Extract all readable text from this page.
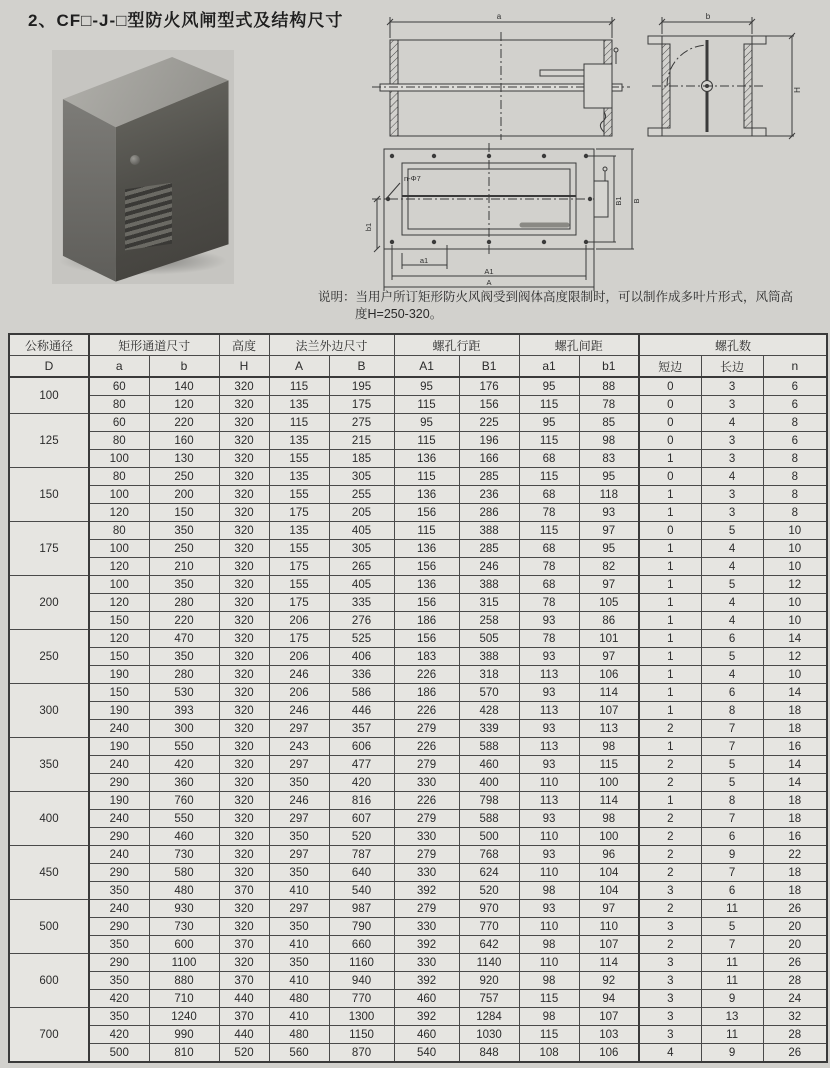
2、CF□-J-□型防火风闸型式及结构尺寸	a	b
H
n-Φ7
b1
a1
A1
A
B1 B
说明：当用户所订矩形防火风阀受到阀体高度限制时，可以制作成多叶片形式，风筒高
度H=250-320。
公称通径	矩形通道尺寸		高度	法兰外边尺寸		螺孔行距		螺孔间距		螺孔数		
D	a	b	H	A	B	A1	B1	a1	b1	短边	长边	n
100	60	140	320	115	195	95	176	95	88	0	3	6
	80	120	320	135	175	115	156	115	78	0	3	6
125	60	220	320	115	275	95	225	95	85	0	4	8
	80	160	320	135	215	115	196	115	98	0	3	6
	100	130	320	155	185	136	166	68	83	1	3	8
150	80	250	320	135	305	115	285	115	95	0	4	8
	100	200	320	155	255	136	236	68	118	1	3	8
	120	150	320	175	205	156	286	78	93	1	3	8
175	80	350	320	135	405	115	388	115	97	0	5	10
	100	250	320	155	305	136	285	68	95	1	4	10
	120	210	320	175	265	156	246	78	82	1	4	10
200	100	350	320	155	405	136	388	68	97	1	5	12
	120	280	320	175	335	156	315	78	105	1	4	10
	150	220	320	206	276	186	258	93	86	1	4	10
250	120	470	320	175	525	156	505	78	101	1	6	14
	150	350	320	206	406	183	388	93	97	1	5	12
	190	280	320	246	336	226	318	113	106	1	4	10
300	150	530	320	206	586	186	570	93	114	1	6	14
	190	393	320	246	446	226	428	113	107	1	8	18
	240	300	320	297	357	279	339	93	113	2	7	18
350	190	550	320	243	606	226	588	113	98	1	7	16
	240	420	320	297	477	279	460	93	115	2	5	14
	290	360	320	350	420	330	400	110	100	2	5	14
400	190	760	320	246	816	226	798	113	114	1	8	18
	240	550	320	297	607	279	588	93	98	2	7	18
	290	460	320	350	520	330	500	110	100	2	6	16
450	240	730	320	297	787	279	768	93	96	2	9	22
	290	580	320	350	640	330	624	110	104	2	7	18
	350	480	370	410	540	392	520	98	104	3	6	18
500	240	930	320	297	987	279	970	93	97	2	11	26
	290	730	320	350	790	330	770	110	110	3	5	20
	350	600	370	410	660	392	642	98	107	2	7	20
600	290	1100	320	350	1160	330	1140	110	114	3	11	26
	350	880	370	410	940	392	920	98	92	3	11	28
	420	710	440	480	770	460	757	115	94	3	9	24
700	350	1240	370	410	1300	392	1284	98	107	3	13	32
	420	990	440	480	1150	460	1030	115	103	3	11	28
	500	810	520	560	870	540	848	108	106	4	9	26
